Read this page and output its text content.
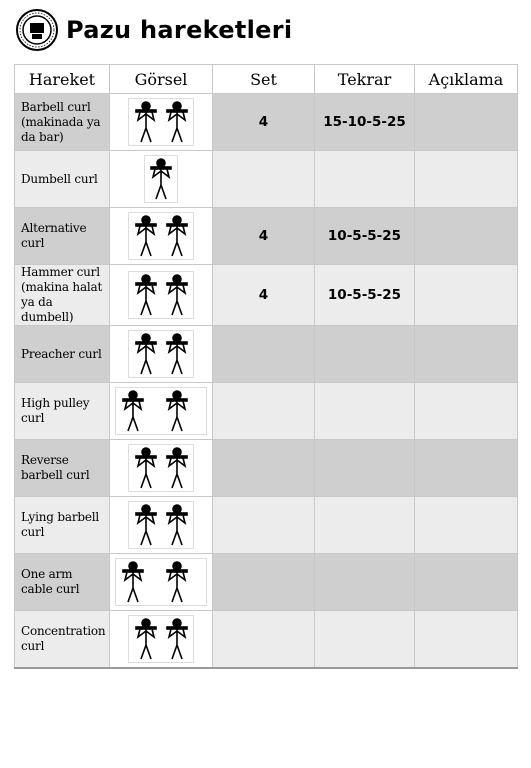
Pazu hareketleri
Hareket	Görsel	Set	Tekrar	Açıklama
Barbell curl (makinada ya da bar)		4	15-10-5-25	
Dumbell curl				
Alternative curl		4	10-5-5-25	
Hammer curl (makina halat ya da dumbell)		4	10-5-5-25	
Preacher curl				
High pulley curl				
Reverse barbell curl				
Lying barbell curl				
One arm cable curl				
Concentration curl				
